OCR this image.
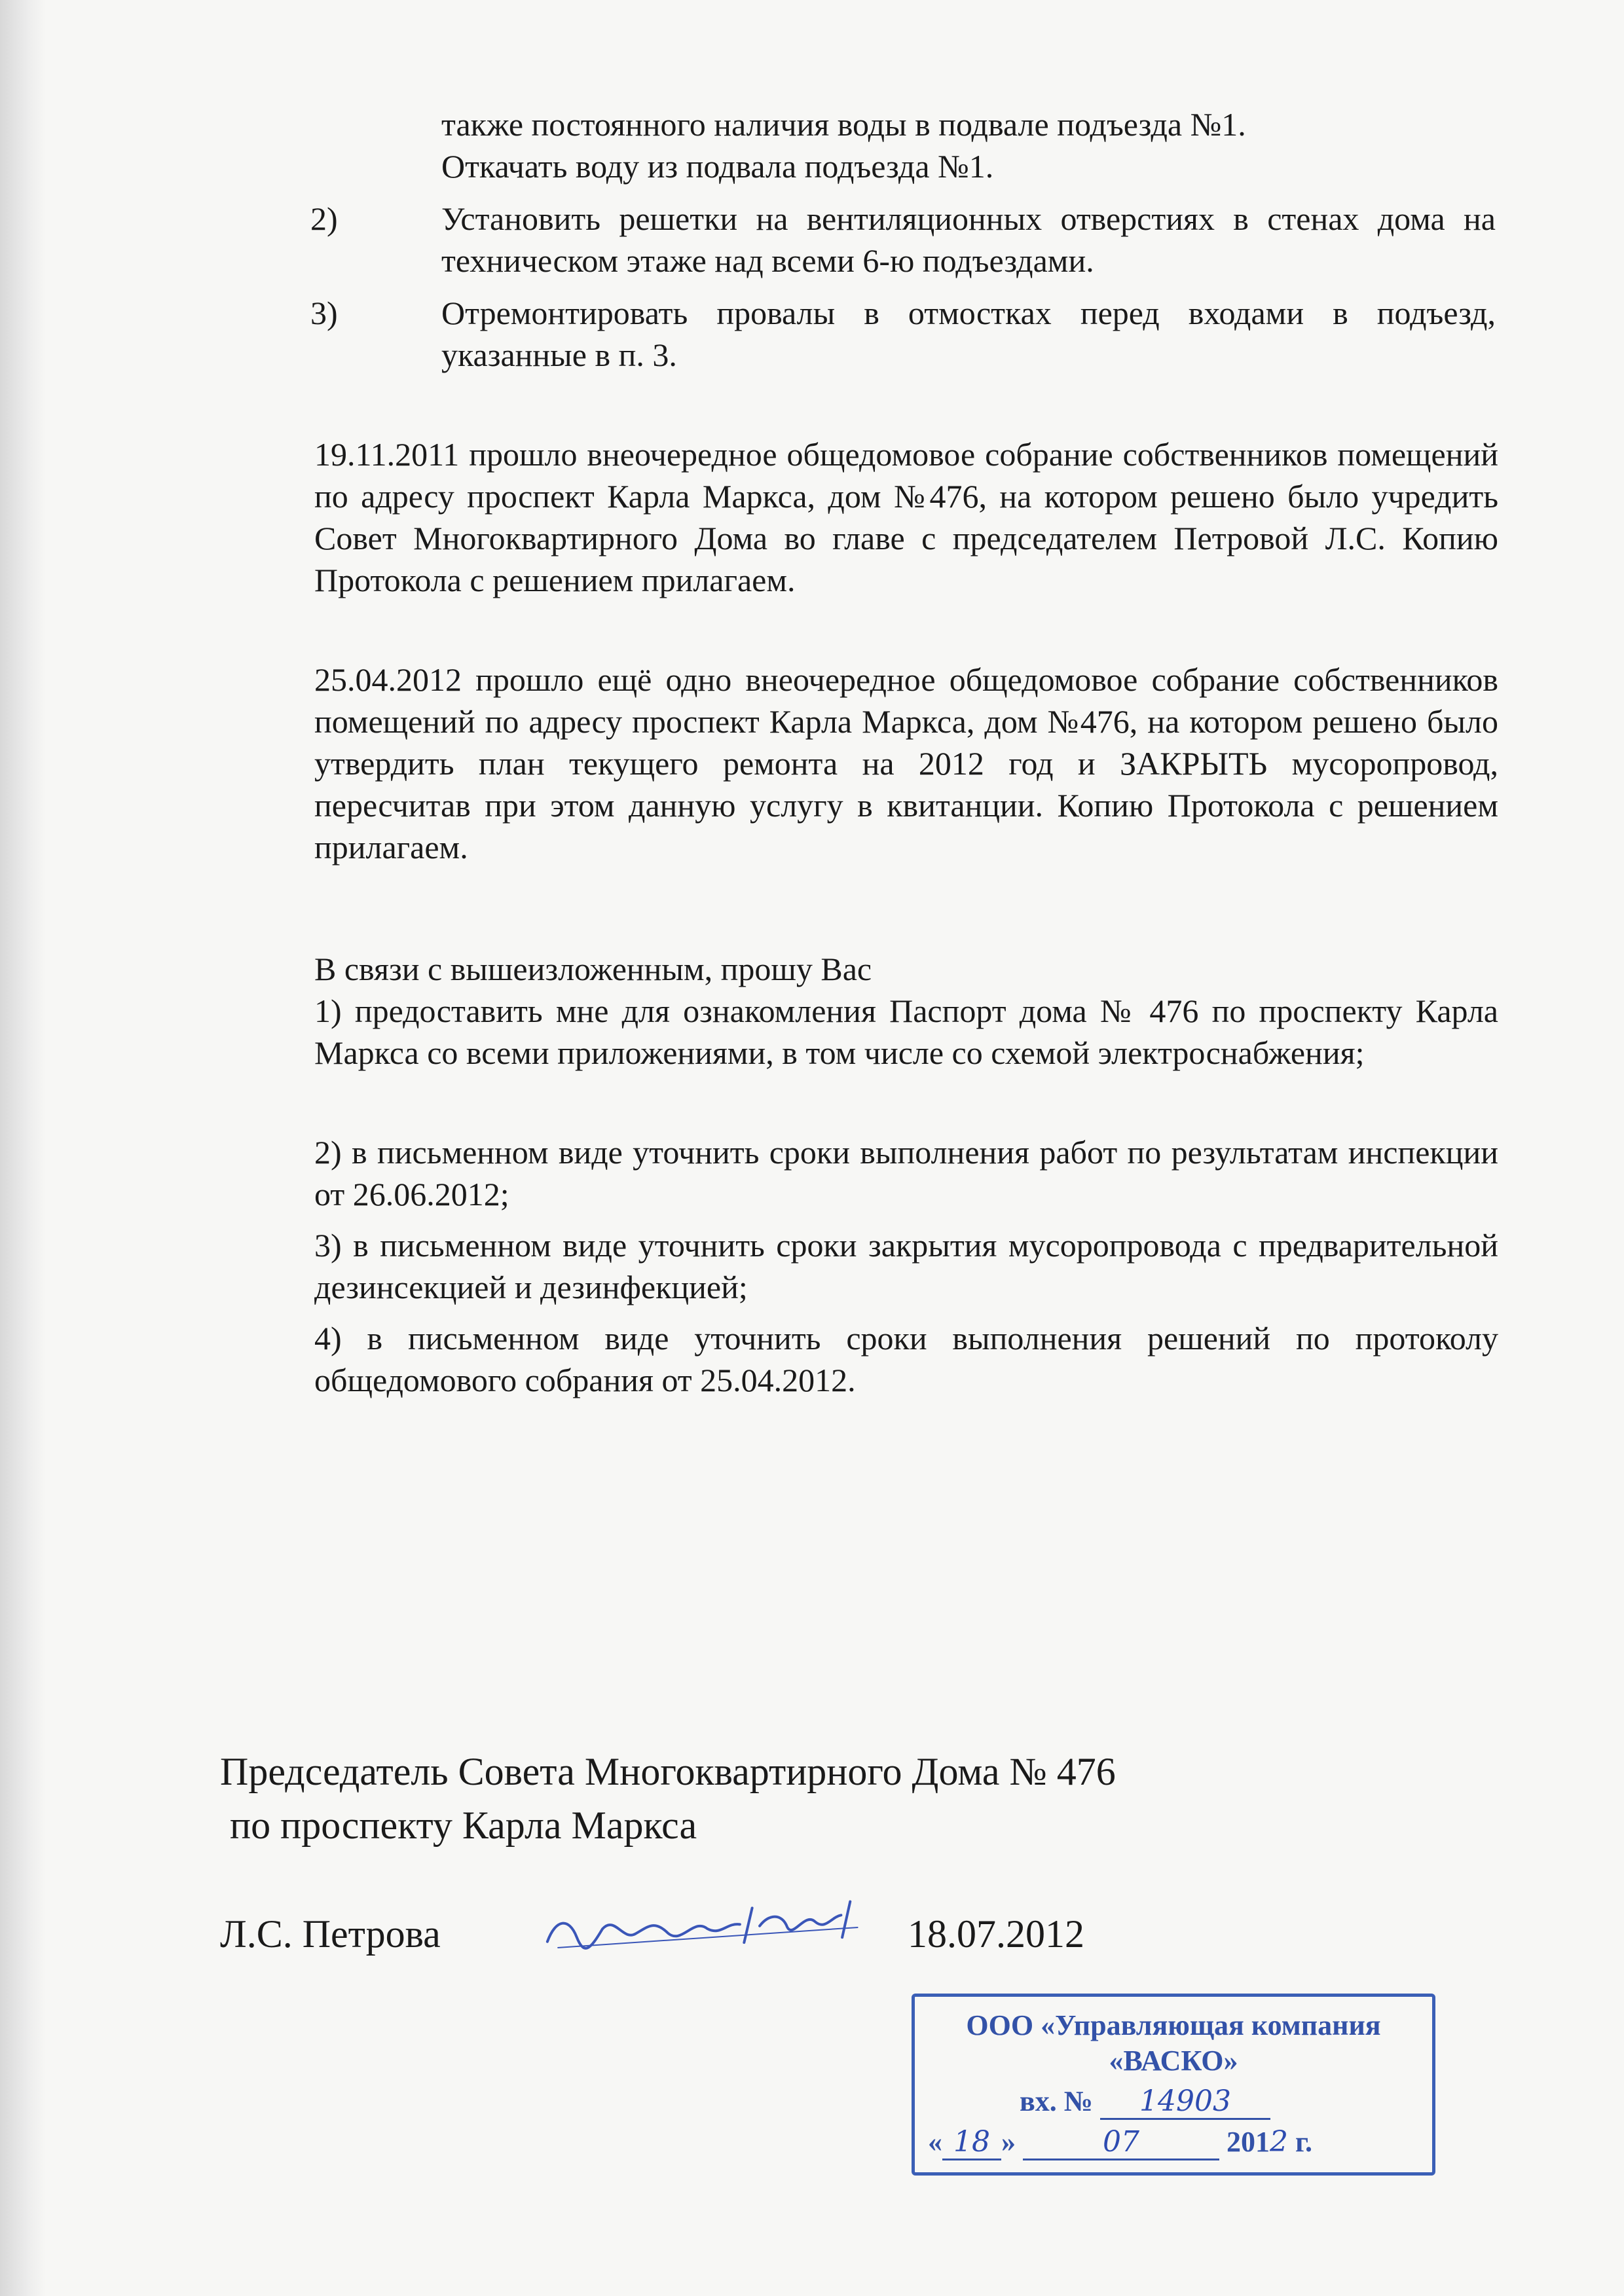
также постоянного наличия воды в подвале подъезда №1.
Откачать воду из подвала подъезда №1.
2)	Установить решетки на вентиляционных отверстиях в стенах дома на техническом этаже над всеми 6-ю подъездами.
3)	Отремонтировать провалы в отмостках перед входами в подъезд, указанные в п. 3.
19.11.2011 прошло внеочередное общедомовое собрание собственников помещений по адресу проспект Карла Маркса, дом №476, на котором решено было учредить Совет Многоквартирного Дома во главе с председателем Петровой Л.С. Копию Протокола с решением прилагаем.
25.04.2012 прошло ещё одно внеочередное общедомовое собрание собственников помещений по адресу проспект Карла Маркса, дом №476, на котором решено было утвердить план текущего ремонта на 2012 год и ЗАКРЫТЬ мусоропровод, пересчитав при этом данную услугу в квитанции. Копию Протокола с решением прилагаем.
В связи с вышеизложенным, прошу Вас
1) предоставить мне для ознакомления Паспорт дома № 476 по проспекту Карла Маркса со всеми приложениями, в том числе со схемой электроснабжения;
2) в письменном виде уточнить сроки выполнения работ по результатам инспекции от 26.06.2012;
3) в письменном виде уточнить сроки закрытия мусоропровода с предварительной дезинсекцией и дезинфекцией;
4) в письменном виде уточнить сроки выполнения решений по протоколу общедомового собрания от 25.04.2012.
Председатель Совета Многоквартирного Дома № 476
по проспекту Карла Маркса
Л.С. Петрова	18.07.2012
ООО «Управляющая компания
«ВАСКО»
вх. № 14903
« 18 »	07	2012 г.
